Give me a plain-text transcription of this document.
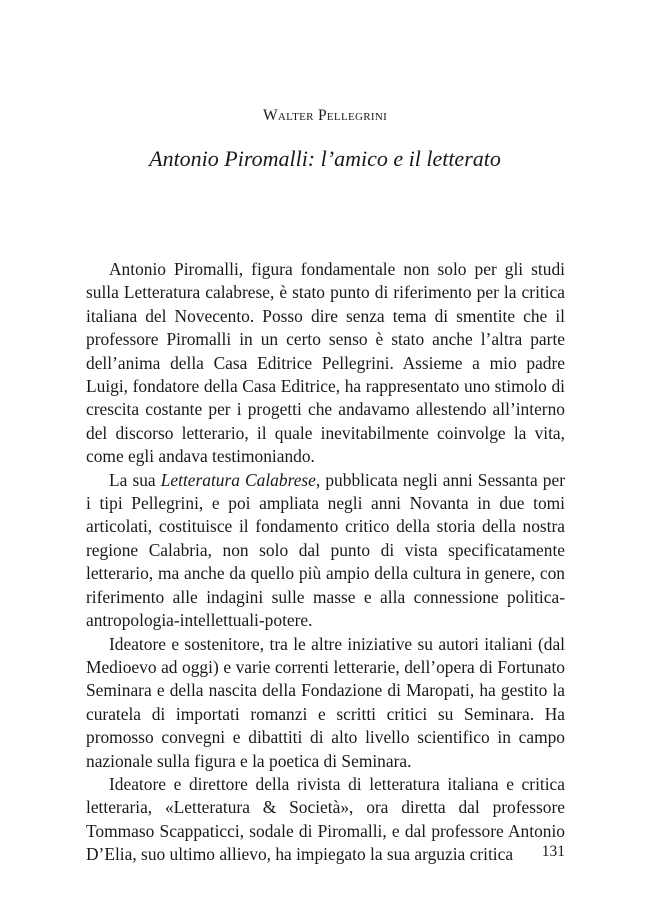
Walter Pellegrini
Antonio Piromalli: l’amico e il letterato

Antonio Piromalli, figura fondamentale non solo per gli studi sulla Letteratura calabrese, è stato punto di riferimento per la critica italiana del Novecento. Posso dire senza tema di smentite che il professore Piromalli in un certo senso è stato anche l’altra parte dell’anima della Casa Editrice Pellegrini. Assieme a mio padre Luigi, fondatore della Casa Editrice, ha rappresentato uno stimolo di crescita costante per i progetti che andavamo allestendo all’interno del discorso letterario, il quale inevitabilmente coinvolge la vita, come egli andava testimoniando.

La sua Letteratura Calabrese, pubblicata negli anni Sessanta per i tipi Pellegrini, e poi ampliata negli anni Novanta in due tomi articolati, costituisce il fondamento critico della storia della nostra regione Calabria, non solo dal punto di vista specificatamente letterario, ma anche da quello più ampio della cultura in genere, con riferimento alle indagini sulle masse e alla connessione politica-antropologia-intellettuali-potere.

Ideatore e sostenitore, tra le altre iniziative su autori italiani (dal Medioevo ad oggi) e varie correnti letterarie, dell’opera di Fortunato Seminara e della nascita della Fondazione di Maropati, ha gestito la curatela di importati romanzi e scritti critici su Seminara. Ha promosso convegni e dibattiti di alto livello scientifico in campo nazionale sulla figura e la poetica di Seminara.

Ideatore e direttore della rivista di letteratura italiana e critica letteraria, «Letteratura & Società», ora diretta dal professore Tommaso Scappaticci, sodale di Piromalli, e dal professore Antonio D’Elia, suo ultimo allievo, ha impiegato la sua arguzia critica	131
